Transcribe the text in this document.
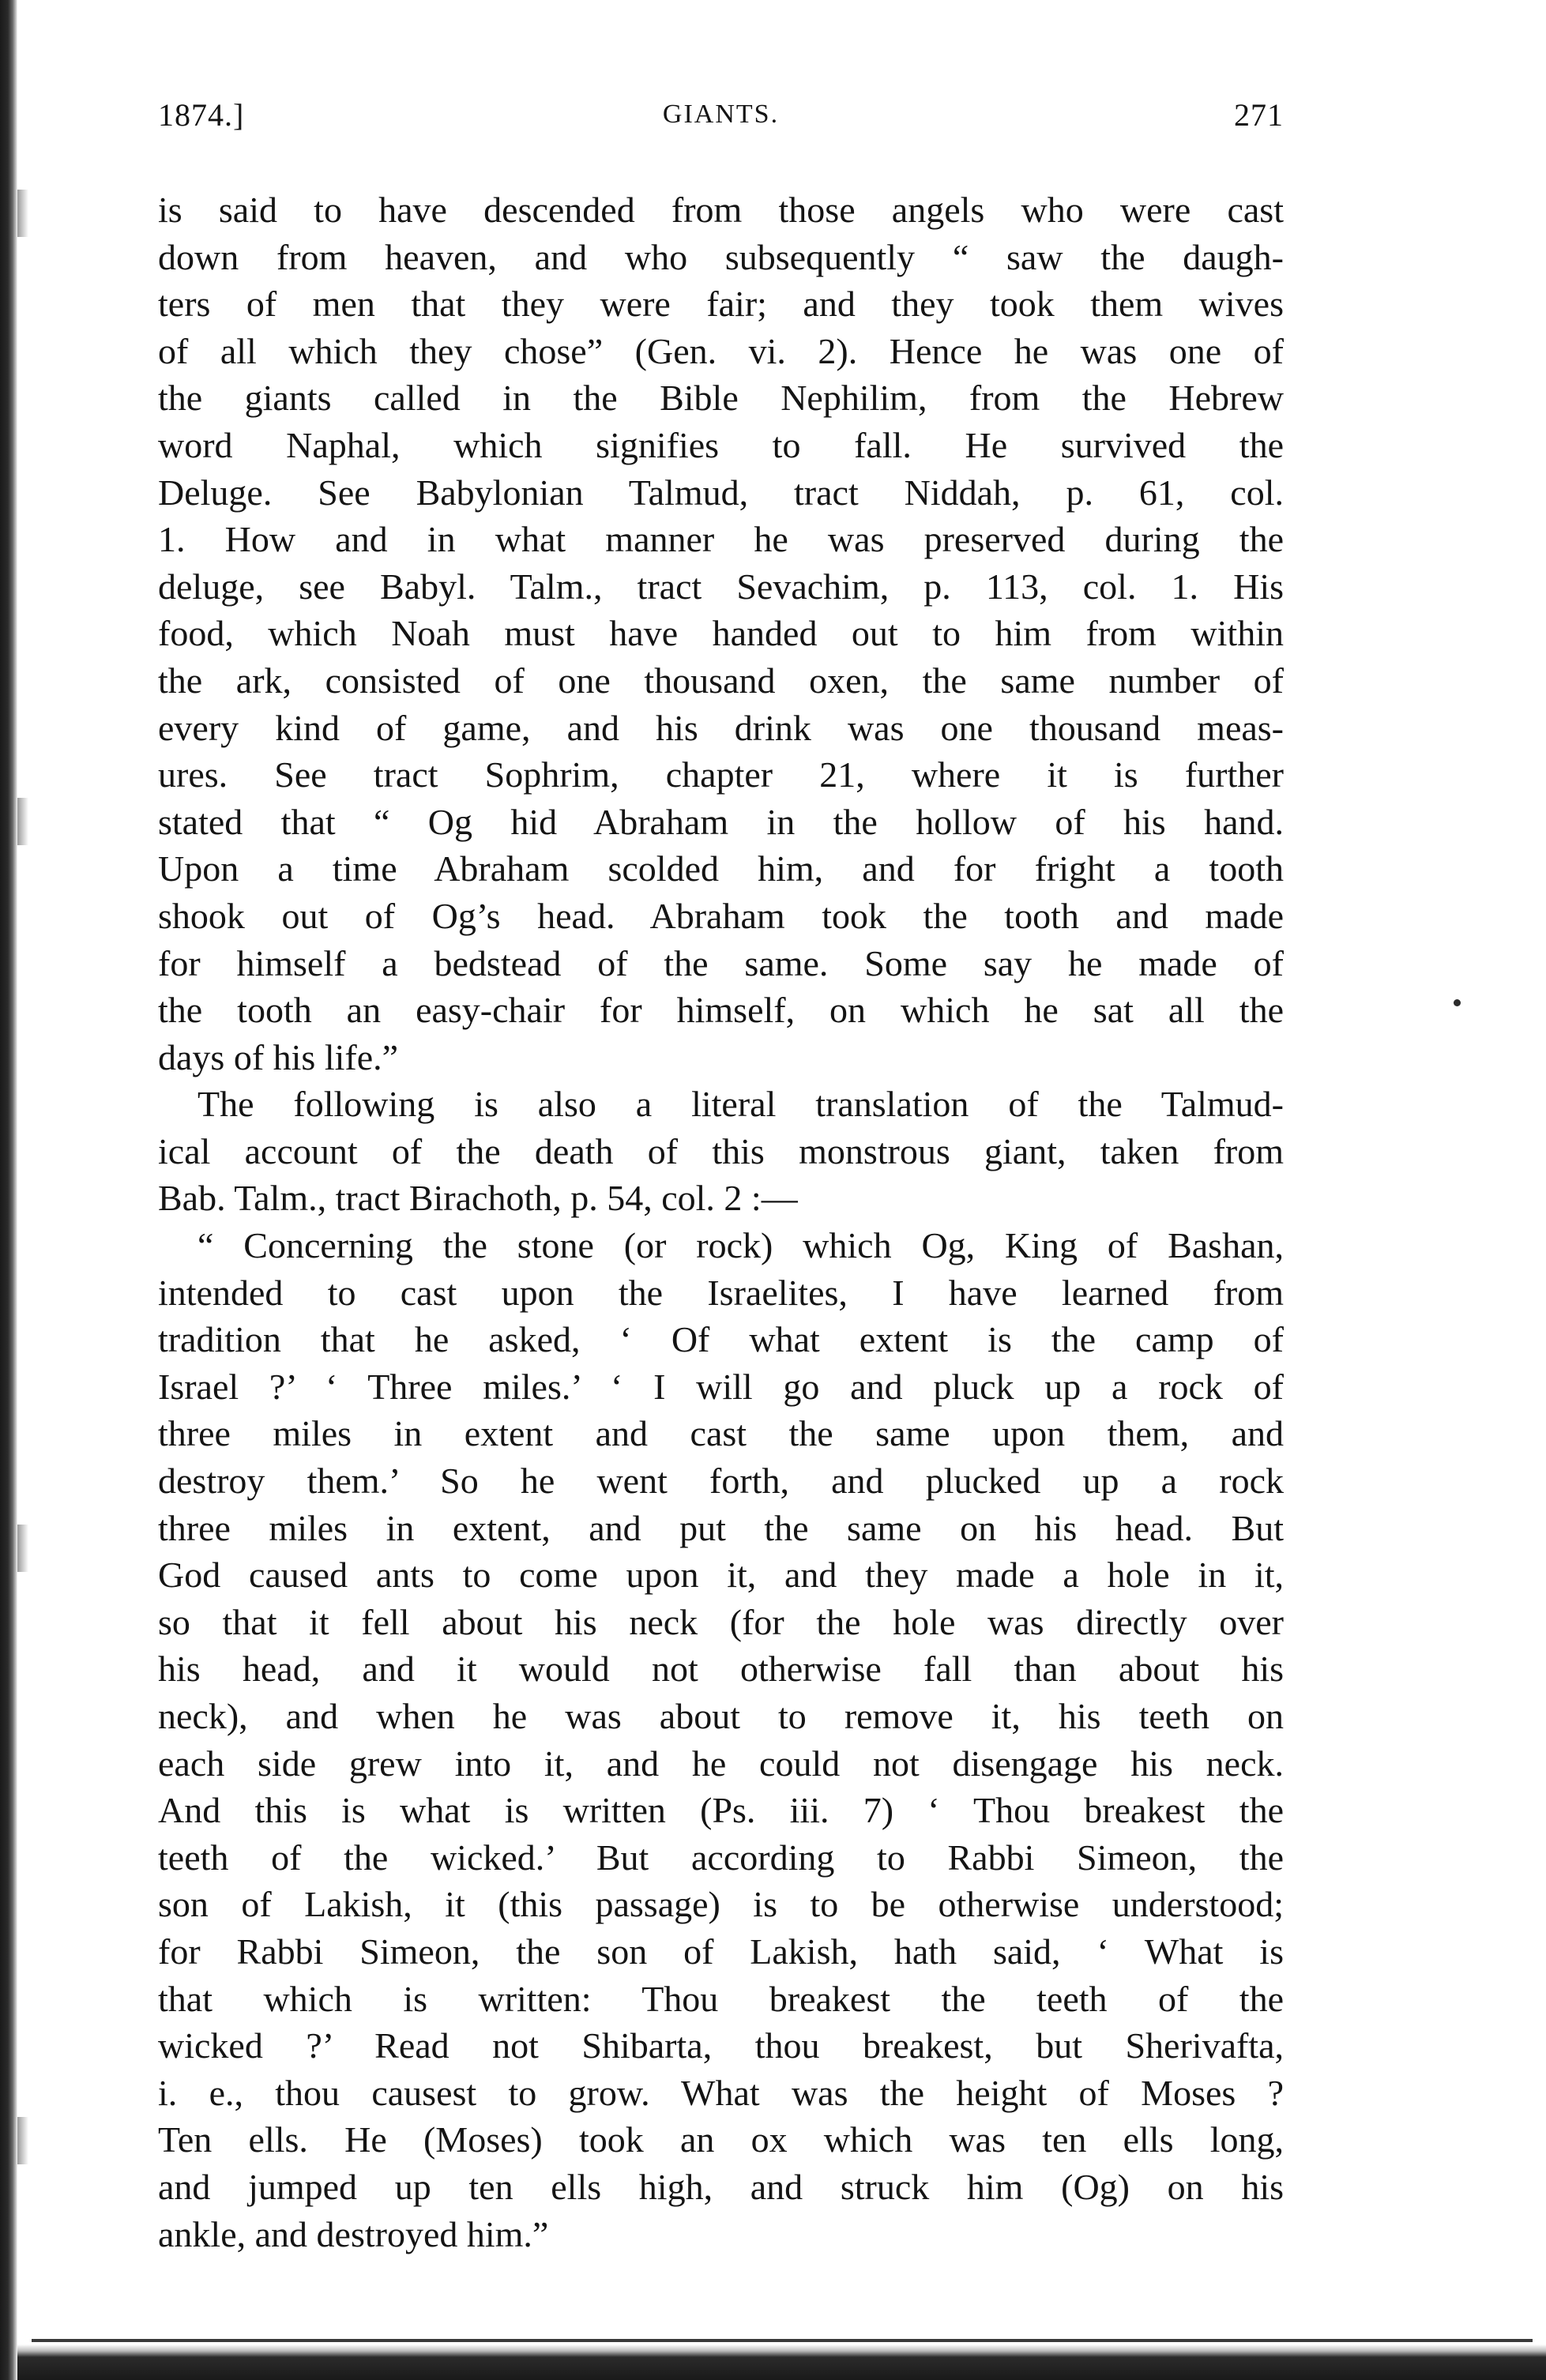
1874.]	GIANTS.	271
is said to have descended from those angels who were cast
down from heaven, and who subsequently “ saw the daugh-
ters of men that they were fair; and they took them wives
of all which they chose” (Gen. vi. 2). Hence he was one of
the giants called in the Bible Nephilim, from the Hebrew
word Naphal, which signifies to fall. He survived the
Deluge. See Babylonian Talmud, tract Niddah, p. 61, col.
1. How and in what manner he was preserved during the
deluge, see Babyl. Talm., tract Sevachim, p. 113, col. 1. His
food, which Noah must have handed out to him from within
the ark, consisted of one thousand oxen, the same number of
every kind of game, and his drink was one thousand meas-
ures. See tract Sophrim, chapter 21, where it is further
stated that “ Og hid Abraham in the hollow of his hand.
Upon a time Abraham scolded him, and for fright a tooth
shook out of Og’s head. Abraham took the tooth and made
for himself a bedstead of the same. Some say he made of
the tooth an easy-chair for himself, on which he sat all the
days of his life.”
The following is also a literal translation of the Talmud-
ical account of the death of this monstrous giant, taken from
Bab. Talm., tract Birachoth, p. 54, col. 2 :—
“ Concerning the stone (or rock) which Og, King of Bashan,
intended to cast upon the Israelites, I have learned from
tradition that he asked, ‘ Of what extent is the camp of
Israel ?’ ‘ Three miles.’ ‘ I will go and pluck up a rock of
three miles in extent and cast the same upon them, and
destroy them.’ So he went forth, and plucked up a rock
three miles in extent, and put the same on his head. But
God caused ants to come upon it, and they made a hole in it,
so that it fell about his neck (for the hole was directly over
his head, and it would not otherwise fall than about his
neck), and when he was about to remove it, his teeth on
each side grew into it, and he could not disengage his neck.
And this is what is written (Ps. iii. 7) ‘ Thou breakest the
teeth of the wicked.’ But according to Rabbi Simeon, the
son of Lakish, it (this passage) is to be otherwise understood;
for Rabbi Simeon, the son of Lakish, hath said, ‘ What is
that which is written: Thou breakest the teeth of the
wicked ?’ Read not Shibarta, thou breakest, but Sherivafta,
i. e., thou causest to grow. What was the height of Moses ?
Ten ells. He (Moses) took an ox which was ten ells long,
and jumped up ten ells high, and struck him (Og) on his
ankle, and destroyed him.”
